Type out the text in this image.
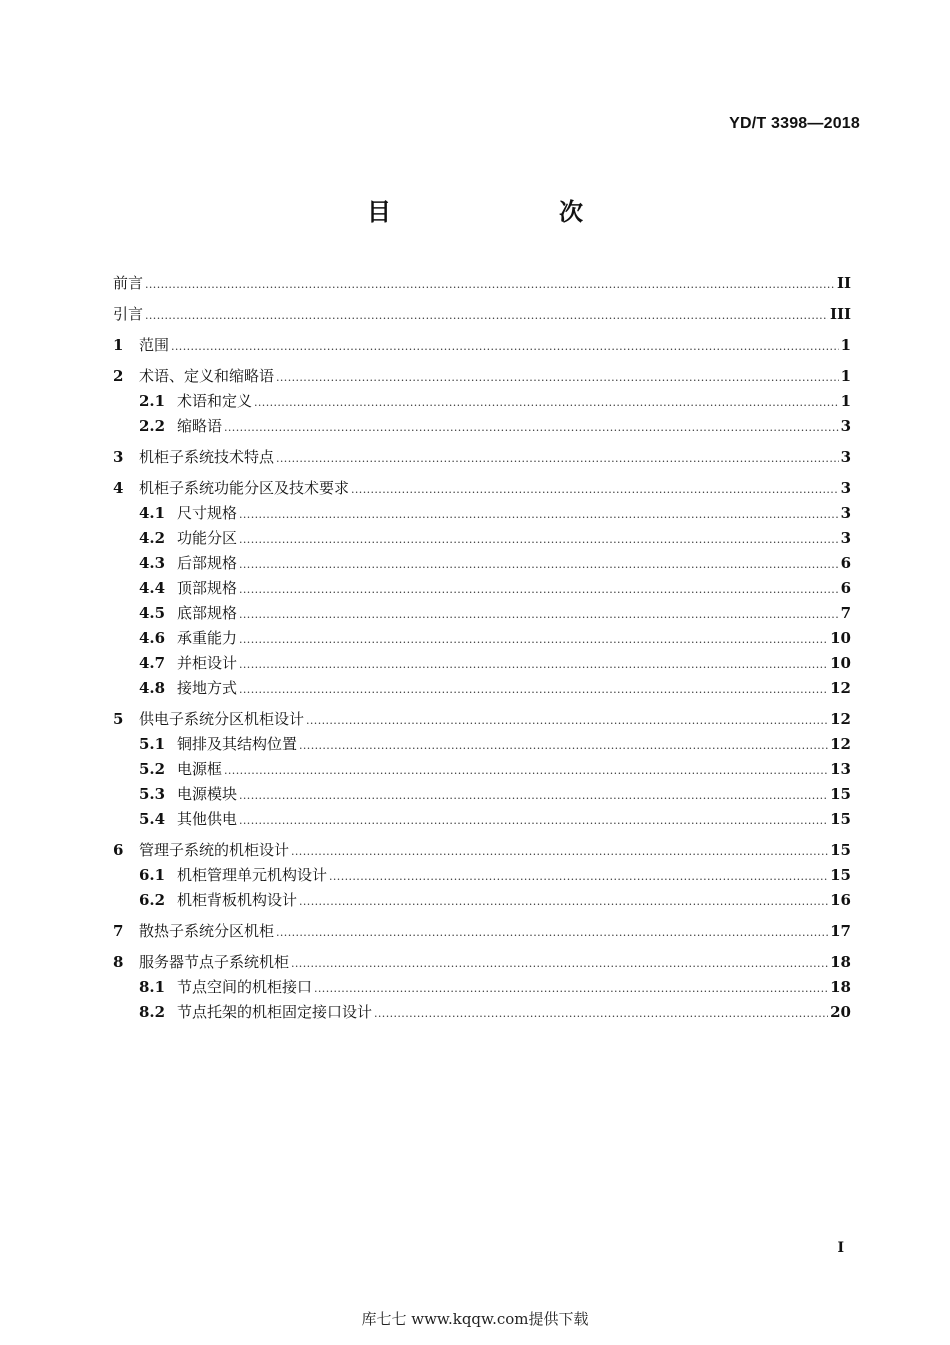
YD/T 3398—2018
目　　次
前言 .....	II
引言 .....	III
1	范围 .....	1
2	术语、定义和缩略语 .....	1
2.1 术语和定义 .....	1
2.2 缩略语 .....	3
3	机柜子系统技术特点 .....	3
4	机柜子系统功能分区及技术要求 .....	3
4.1 尺寸规格 .....	3
4.2 功能分区 .....	3
4.3 后部规格 .....	6
4.4 顶部规格 .....	6
4.5 底部规格 .....	7
4.6 承重能力 .....	10
4.7 并柜设计 .....	10
4.8 接地方式 .....	12
5	供电子系统分区机柜设计 .....	12
5.1 铜排及其结构位置 .....	12
5.2 电源框 .....	13
5.3 电源模块 .....	15
5.4 其他供电 .....	15
6	管理子系统的机柜设计 .....	15
6.1 机柜管理单元机构设计 .....	15
6.2 机柜背板机构设计 .....	16
7	散热子系统分区机柜 .....	17
8	服务器节点子系统机柜 .....	18
8.1 节点空间的机柜接口 .....	18
8.2 节点托架的机柜固定接口设计 .....	20
I
库七七 www.kqqw.com提供下载
